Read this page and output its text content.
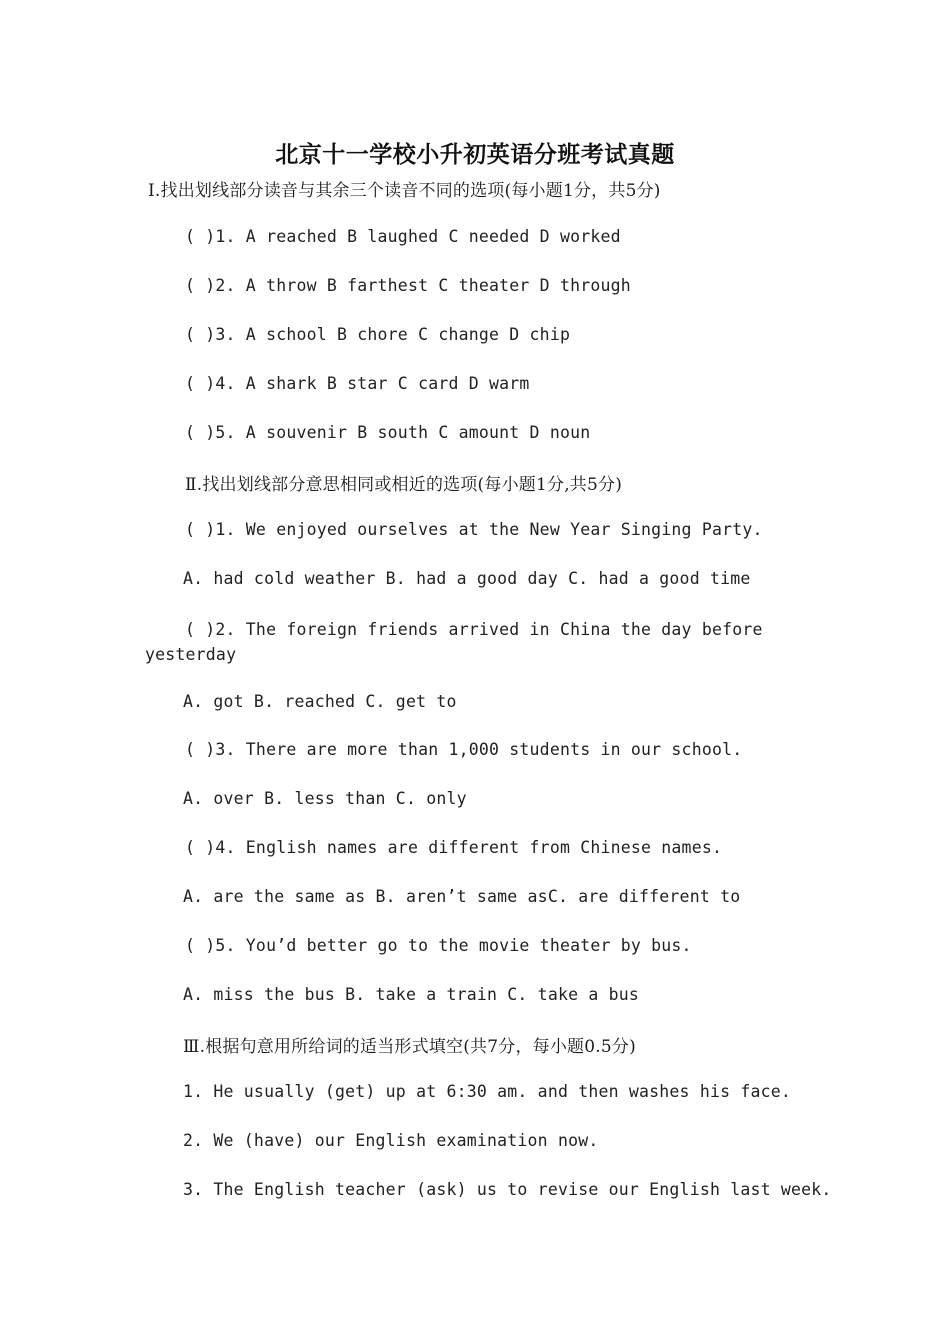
北京十一学校小升初英语分班考试真题
Ⅰ.找出划线部分读音与其余三个读音不同的选项(每小题1分，共5分)
( )1. A reached B laughed C needed D worked
( )2. A throw B farthest C theater D through
( )3. A school B chore C change D chip
( )4. A shark B star C card D warm
( )5. A souvenir B south C amount D noun
Ⅱ.找出划线部分意思相同或相近的选项(每小题1分,共5分)
( )1. We enjoyed ourselves at the New Year Singing Party.
A. had cold weather B. had a good day C. had a good time
( )2. The foreign friends arrived in China the day before yesterday
A. got B. reached C. get to
( )3. There are more than 1,000 students in our school.
A. over B. less than C. only
( )4. English names are different from Chinese names.
A. are the same as B. aren’t same asC. are different to
( )5. You’d better go to the movie theater by bus.
A. miss the bus B. take a train C. take a bus
Ⅲ.根据句意用所给词的适当形式填空(共7分，每小题0.5分)
1. He usually (get) up at 6:30 am. and then washes his face.
2. We (have) our English examination now.
3. The English teacher (ask) us to revise our English last week.
